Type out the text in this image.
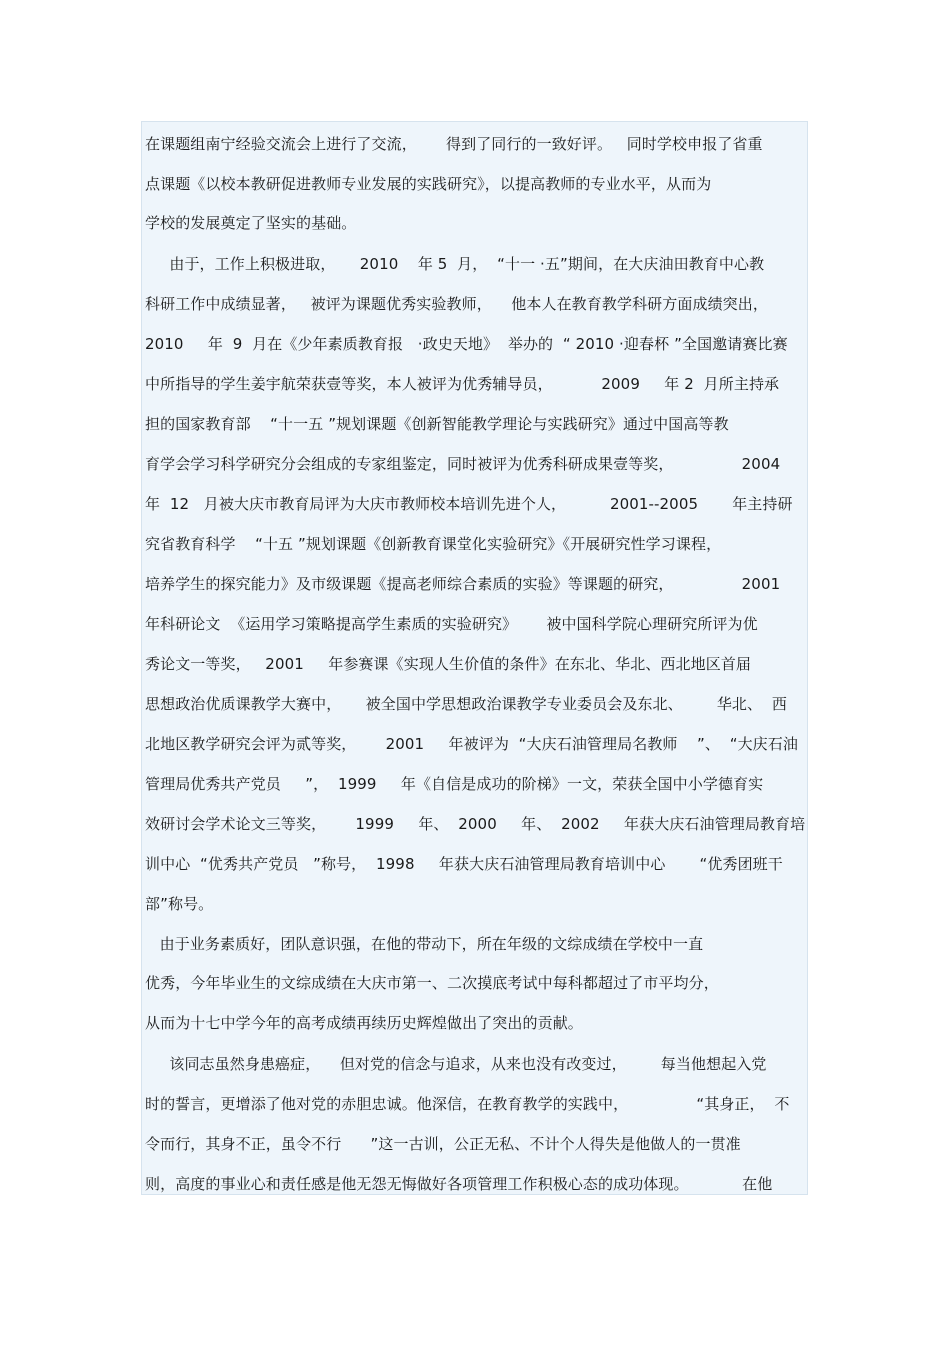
在课题组南宁经验交流会上进行了交流，      得到了同行的一致好评。   同时学校申报了省重
点课题《以校本教研促进教师专业发展的实践研究》，以提高教师的专业水平，从而为
学校的发展奠定了坚实的基础。
由于，工作上积极进取，     2010    年 5  月，  “十一 ·五”期间，在大庆油田教育中心教
科研工作中成绩显著，   被评为课题优秀实验教师，    他本人在教育教学科研方面成绩突出，
2010     年  9  月在《少年素质教育报   ·政史天地》  举办的  “ 2010 ·迎春杯 ”全国邀请赛比赛
中所指导的学生姜宇航荣获壹等奖，本人被评为优秀辅导员，          2009     年 2  月所主持承
担的国家教育部    “十一五 ”规划课题《创新智能教学理论与实践研究》通过中国高等教
育学会学习科学研究分会组成的专家组鉴定，同时被评为优秀科研成果壹等奖，              2004
年  12   月被大庆市教育局评为大庆市教师校本培训先进个人，         2001--2005       年主持研
究省教育科学    “十五 ”规划课题《创新教育课堂化实验研究》《开展研究性学习课程，
培养学生的探究能力》及市级课题《提高老师综合素质的实验》等课题的研究，              2001
年科研论文  《运用学习策略提高学生素质的实验研究》      被中国科学院心理研究所评为优
秀论文一等奖，   2001     年参赛课《实现人生价值的条件》在东北、华北、西北地区首届
思想政治优质课教学大赛中，     被全国中学思想政治课教学专业委员会及东北、       华北、  西
北地区教学研究会评为贰等奖，      2001     年被评为  “大庆石油管理局名教师    ”、  “大庆石油
管理局优秀共产党员     ”，  1999     年《自信是成功的阶梯》一文，荣获全国中小学德育实
效研讨会学术论文三等奖，      1999     年、  2000     年、  2002     年获大庆石油管理局教育培
训中心  “优秀共产党员   ”称号，  1998     年获大庆石油管理局教育培训中心       “优秀团班干
部”称号。
由于业务素质好，团队意识强，在他的带动下，所在年级的文综成绩在学校中一直
优秀，今年毕业生的文综成绩在大庆市第一、二次摸底考试中每科都超过了市平均分，
从而为十七中学今年的高考成绩再续历史辉煌做出了突出的贡献。
该同志虽然身患癌症，    但对党的信念与追求，从来也没有改变过，       每当他想起入党
时的誓言，更增添了他对党的赤胆忠诚。他深信，在教育教学的实践中，              “其身正，  不
令而行，其身不正，虽令不行      ”这一古训，公正无私、不计个人得失是他做人的一贯准
则，高度的事业心和责任感是他无怨无悔做好各项管理工作积极心态的成功体现。           在他
